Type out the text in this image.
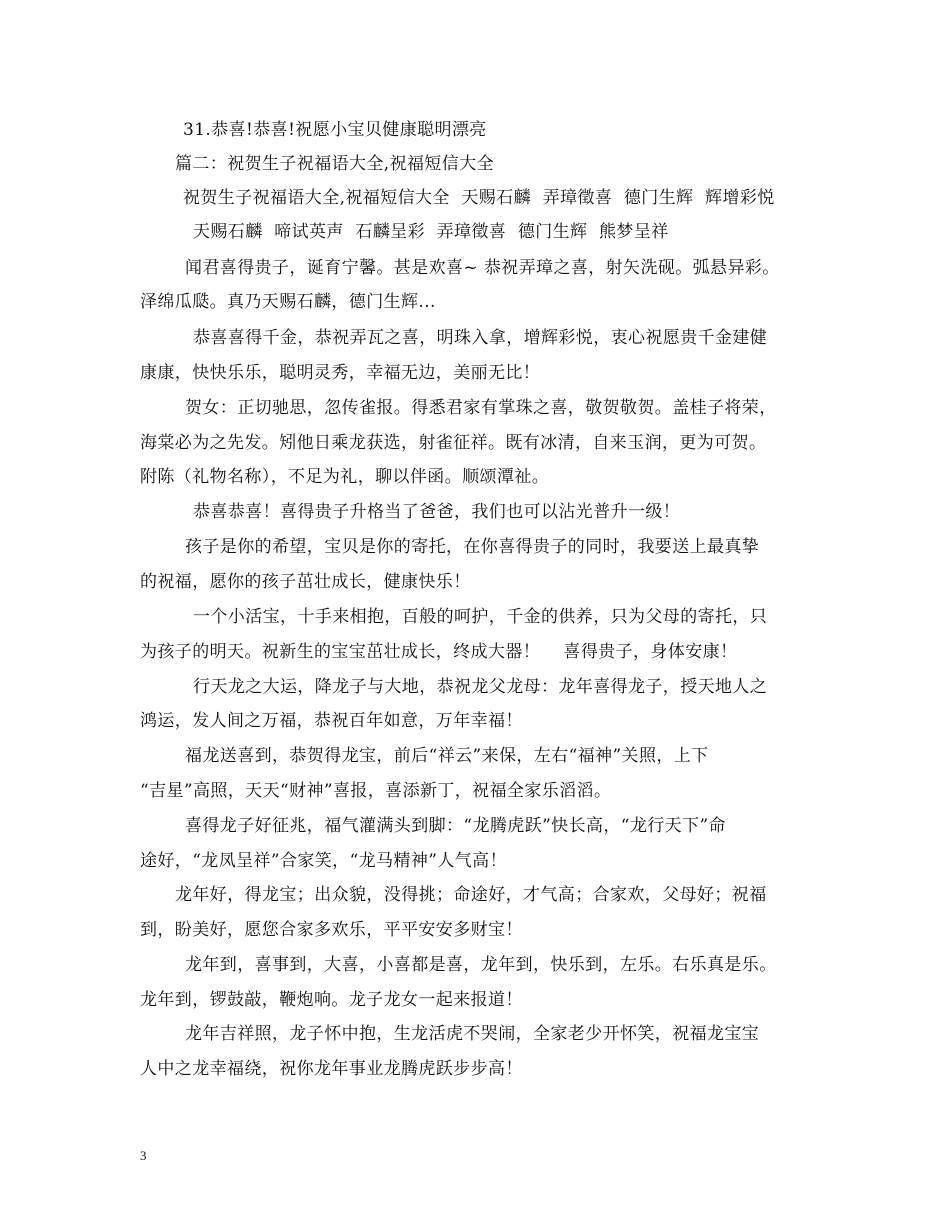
31.恭喜!恭喜!祝愿小宝贝健康聪明漂亮
篇二：祝贺生子祝福语大全,祝福短信大全
祝贺生子祝福语大全,祝福短信大全  天赐石麟  弄璋徵喜  德门生辉  辉增彩悦
天赐石麟  啼试英声  石麟呈彩  弄璋徵喜  德门生辉  熊梦呈祥
闻君喜得贵子，诞育宁馨。甚是欢喜~ 恭祝弄璋之喜，射矢洗砚。弧悬异彩。
泽绵瓜瓞。真乃天赐石麟，德门生辉...
恭喜喜得千金，恭祝弄瓦之喜，明珠入拿，增辉彩悦，衷心祝愿贵千金建健
康康，快快乐乐，聪明灵秀，幸福无边，美丽无比！
贺女：正切驰思，忽传雀报。得悉君家有掌珠之喜，敬贺敬贺。盖桂子将荣，
海棠必为之先发。矧他日乘龙获选，射雀征祥。既有冰清，自来玉润，更为可贺。
附陈（礼物名称），不足为礼，聊以伴函。顺颂潭祉。
恭喜恭喜！喜得贵子升格当了爸爸，我们也可以沾光普升一级！
孩子是你的希望，宝贝是你的寄托，在你喜得贵子的同时，我要送上最真挚
的祝福，愿你的孩子茁壮成长，健康快乐！
一个小活宝，十手来相抱，百般的呵护，千金的供养，只为父母的寄托，只
为孩子的明天。祝新生的宝宝茁壮成长，终成大器！    喜得贵子，身体安康！
行天龙之大运，降龙子与大地，恭祝龙父龙母：龙年喜得龙子，授天地人之
鸿运，发人间之万福，恭祝百年如意，万年幸福！
福龙送喜到，恭贺得龙宝，前后“祥云”来保，左右“福神”关照，上下
“吉星”高照，天天“财神”喜报，喜添新丁，祝福全家乐滔滔。
喜得龙子好征兆，福气灌满头到脚：“龙腾虎跃”快长高，“龙行天下”命
途好，“龙凤呈祥”合家笑，“龙马精神”人气高！
龙年好，得龙宝；出众貌，没得挑；命途好，才气高；合家欢，父母好；祝福
到，盼美好，愿您合家多欢乐，平平安安多财宝！
龙年到，喜事到，大喜，小喜都是喜，龙年到，快乐到，左乐。右乐真是乐。
龙年到，锣鼓敲，鞭炮响。龙子龙女一起来报道！
龙年吉祥照，龙子怀中抱，生龙活虎不哭闹，全家老少开怀笑，祝福龙宝宝
人中之龙幸福绕，祝你龙年事业龙腾虎跃步步高！
3
